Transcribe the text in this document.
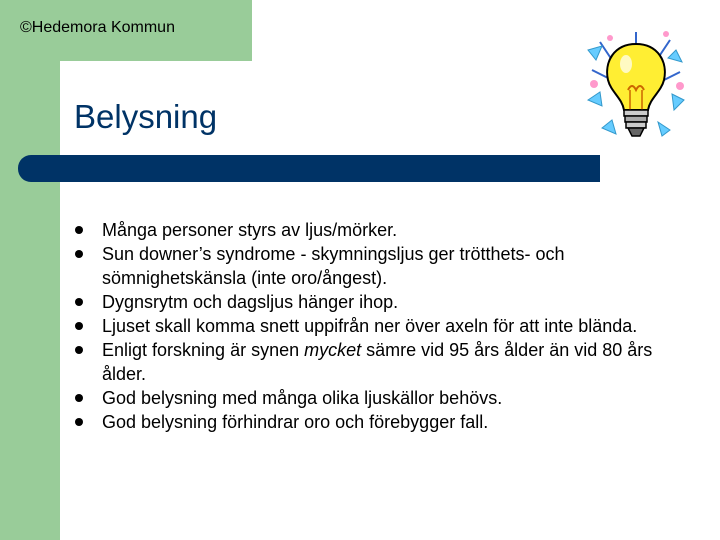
©Hedemora Kommun
Belysning
Många personer styrs av ljus/mörker.
Sun downer’s syndrome - skymningsljus ger trötthets- och sömnighetskänsla (inte oro/ångest).
Dygnsrytm och dagsljus hänger ihop.
Ljuset skall komma snett uppifrån ner över axeln för att inte blända.
Enligt forskning är synen mycket sämre vid 95 års ålder än vid 80 års ålder.
God belysning med många olika ljuskällor behövs.
God belysning förhindrar oro och förebygger fall.
